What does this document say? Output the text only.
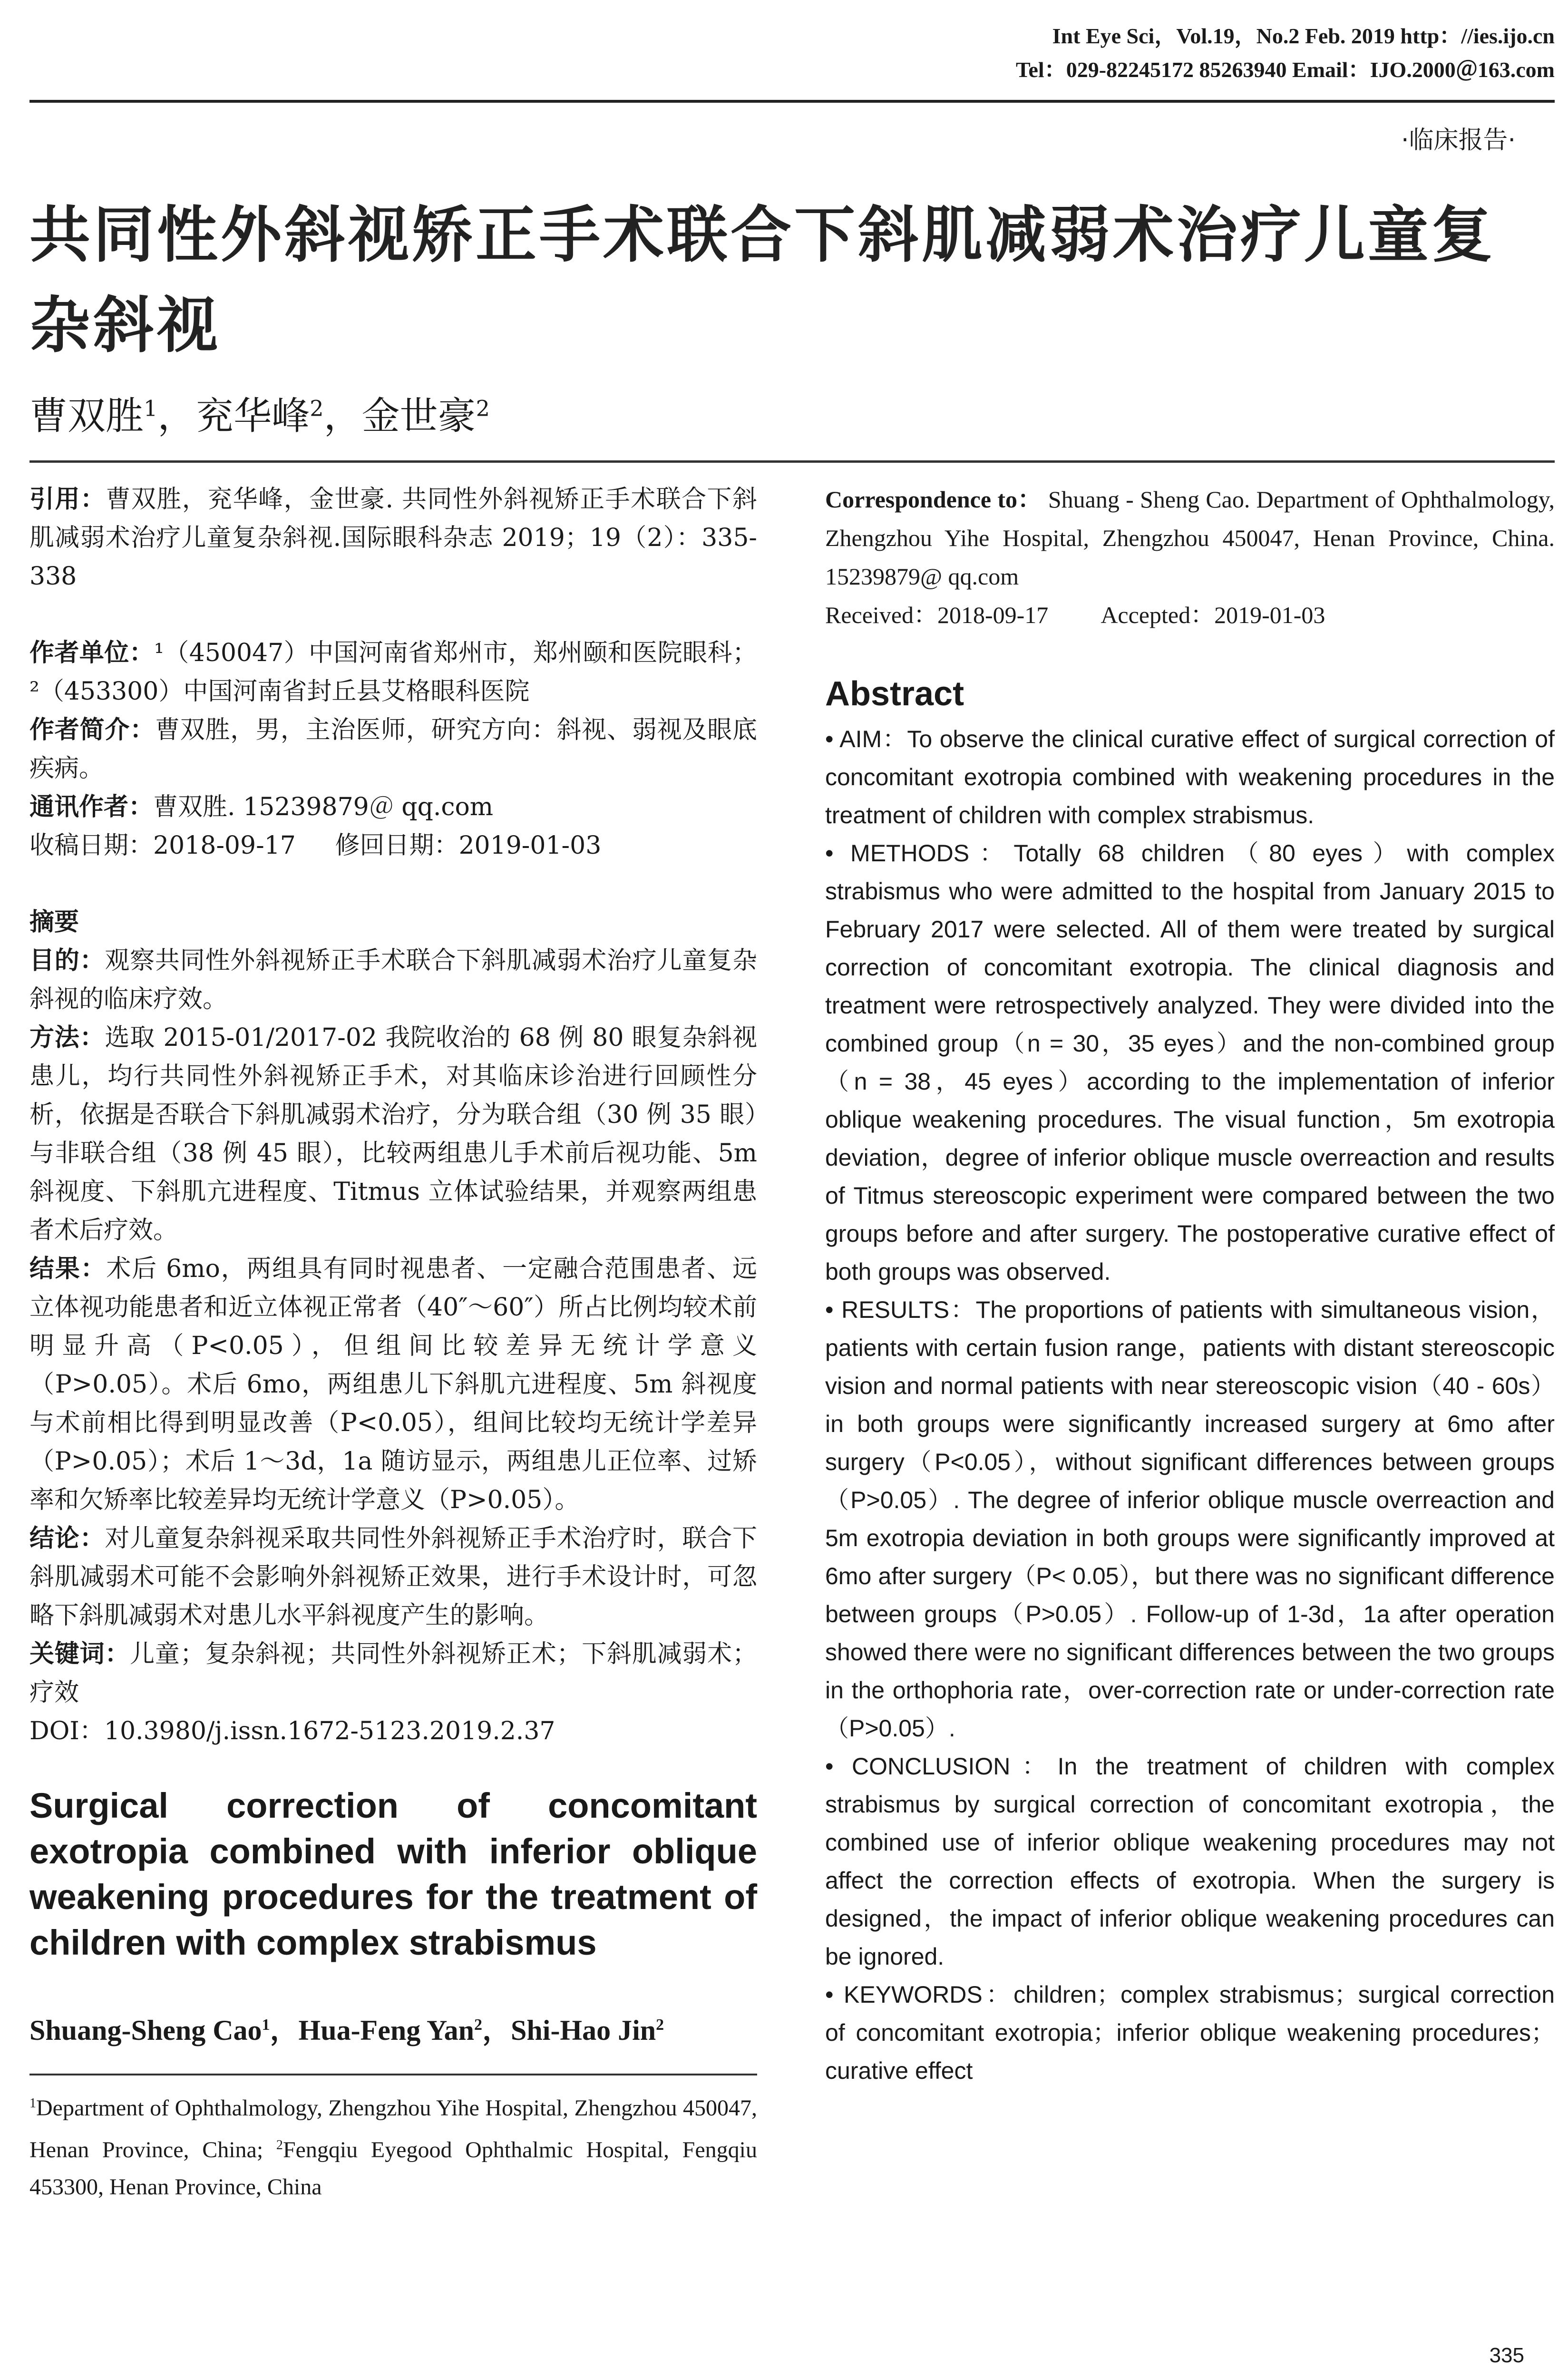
Int Eye Sci，Vol.19，No.2 Feb. 2019 http：//ies.ijo.cn
Tel：029-82245172 85263940 Email：IJO.2000＠163.com
·临床报告·
共同性外斜视矫正手术联合下斜肌减弱术治疗儿童复杂斜视
曹双胜$^1$，兖华峰$^2$，金世豪$^2$

引用：曹双胜，兖华峰，金世豪. 共同性外斜视矫正手术联合下斜肌减弱术治疗儿童复杂斜视.国际眼科杂志 2019；19（2）：335-338

作者单位：¹（450047）中国河南省郑州市，郑州颐和医院眼科；²（453300）中国河南省封丘县艾格眼科医院

作者简介：曹双胜，男，主治医师，研究方向：斜视、弱视及眼底疾病。

通讯作者：曹双胜. 15239879＠ qq.com

收稿日期：2018-09-17     修回日期：2019-01-03

摘要

目的：观察共同性外斜视矫正手术联合下斜肌减弱术治疗儿童复杂斜视的临床疗效。

方法：选取 2015-01/2017-02 我院收治的 68 例 80 眼复杂斜视患儿，均行共同性外斜视矫正手术，对其临床诊治进行回顾性分析，依据是否联合下斜肌减弱术治疗，分为联合组（30 例 35 眼）与非联合组（38 例 45 眼），比较两组患儿手术前后视功能、5m 斜视度、下斜肌亢进程度、Titmus 立体试验结果，并观察两组患者术后疗效。

结果：术后 6mo，两组具有同时视患者、一定融合范围患者、远立体视功能患者和近立体视正常者（40″～60″）所占比例均较术前明显升高（P<0.05），但组间比较差异无统计学意义（P>0.05）。术后 6mo，两组患儿下斜肌亢进程度、5m 斜视度与术前相比得到明显改善（P<0.05），组间比较均无统计学差异（P>0.05）；术后 1～3d，1a 随访显示，两组患儿正位率、过矫率和欠矫率比较差异均无统计学意义（P>0.05）。

结论：对儿童复杂斜视采取共同性外斜视矫正手术治疗时，联合下斜肌减弱术可能不会影响外斜视矫正效果，进行手术设计时，可忽略下斜肌减弱术对患儿水平斜视度产生的影响。

关键词：儿童；复杂斜视；共同性外斜视矫正术；下斜肌减弱术；疗效

DOI：10.3980/j.issn.1672-5123.2019.2.37

Surgical correction of concomitant exotropia combined with inferior oblique weakening procedures for the treatment of children with complex strabismus
Shuang-Sheng Cao$^1$，Hua-Feng Yan$^2$，Shi-Hao Jin$^2$
$^1$Department of Ophthalmology, Zhengzhou Yihe Hospital, Zhengzhou 450047, Henan Province, China; $^2$Fengqiu Eyegood Ophthalmic Hospital, Fengqiu 453300, Henan Province, China

Correspondence to： Shuang - Sheng Cao. Department of Ophthalmology, Zhengzhou Yihe Hospital, Zhengzhou 450047, Henan Province, China. 15239879@ qq.com

Received：2018-09-17 Accepted：2019-01-03

Abstract

• AIM：To observe the clinical curative effect of surgical correction of concomitant exotropia combined with weakening procedures in the treatment of children with complex strabismus.

• METHODS：Totally 68 children（80 eyes）with complex strabismus who were admitted to the hospital from January 2015 to February 2017 were selected. All of them were treated by surgical correction of concomitant exotropia. The clinical diagnosis and treatment were retrospectively analyzed. They were divided into the combined group（n = 30，35 eyes）and the non-combined group（n = 38，45 eyes）according to the implementation of inferior oblique weakening procedures. The visual function，5m exotropia deviation，degree of inferior oblique muscle overreaction and results of Titmus stereoscopic experiment were compared between the two groups before and after surgery. The postoperative curative effect of both groups was observed.

• RESULTS：The proportions of patients with simultaneous vision，patients with certain fusion range，patients with distant stereoscopic vision and normal patients with near stereoscopic vision（40 - 60s）in both groups were significantly increased surgery at 6mo after surgery（P<0.05），without significant differences between groups（P>0.05）. The degree of inferior oblique muscle overreaction and 5m exotropia deviation in both groups were significantly improved at 6mo after surgery（P< 0.05），but there was no significant difference between groups（P>0.05）. Follow-up of 1-3d，1a after operation showed there were no significant differences between the two groups in the orthophoria rate，over-correction rate or under-correction rate（P>0.05）.

• CONCLUSION：In the treatment of children with complex strabismus by surgical correction of concomitant exotropia，the combined use of inferior oblique weakening procedures may not affect the correction effects of exotropia. When the surgery is designed，the impact of inferior oblique weakening procedures can be ignored.

• KEYWORDS：children；complex strabismus；surgical correction of concomitant exotropia；inferior oblique weakening procedures；curative effect

335
